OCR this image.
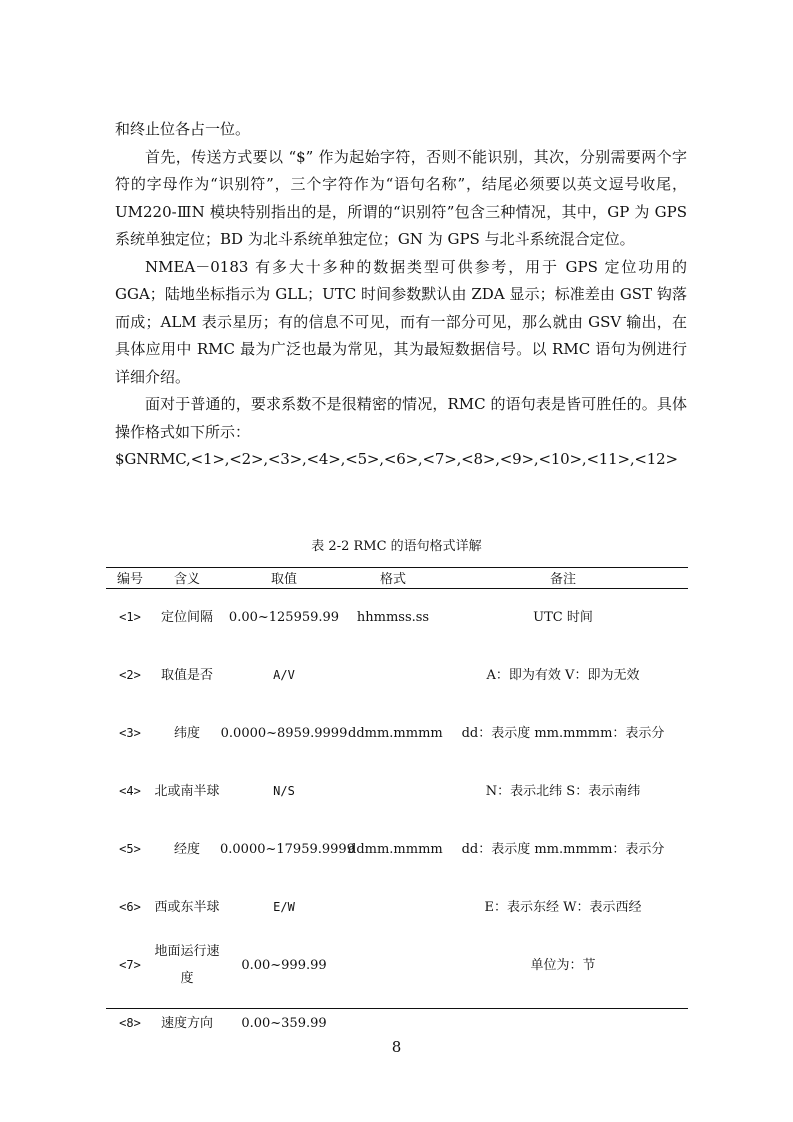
和终止位各占一位。

首先，传送方式要以 “$” 作为起始字符，否则不能识别，其次，分别需要两个字符的字母作为“识别符”，三个字符作为“语句名称”，结尾必须要以英文逗号收尾，UM220-ⅢN 模块特别指出的是，所谓的“识别符”包含三种情况，其中，GP 为 GPS 系统单独定位；BD 为北斗系统单独定位；GN 为 GPS 与北斗系统混合定位。

NMEA－0183 有多大十多种的数据类型可供参考，用于 GPS 定位功用的 GGA；陆地坐标指示为 GLL；UTC 时间参数默认由 ZDA 显示；标准差由 GST 钩落而成；ALM 表示星历；有的信息不可见，而有一部分可见，那么就由 GSV 输出，在具体应用中 RMC 最为广泛也最为常见，其为最短数据信号。以 RMC 语句为例进行详细介绍。

面对于普通的，要求系数不是很精密的情况，RMC 的语句表是皆可胜任的。具体操作格式如下所示：

$GNRMC,<1>,<2>,<3>,<4>,<5>,<6>,<7>,<8>,<9>,<10>,<11>,<12>

表 2-2 RMC 的语句格式详解
编号	含义	取值	格式	备注
<1>	定位间隔	0.00~125959.99	hhmmss.ss	UTC 时间
<2>	取值是否	A/V		A：即为有效 V：即为无效
<3>	纬度	0.0000~8959.9999	ddmm.mmmm	dd：表示度 mm.mmmm：表示分
<4>	北或南半球	N/S		N：表示北纬 S：表示南纬
<5>	经度	0.0000~17959.9999	ddmm.mmmm	dd：表示度 mm.mmmm：表示分
<6>	西或东半球	E/W		E：表示东经 W：表示西经
<7>	地面运行速度	0.00~999.99		单位为：节
<8>	速度方向	0.00~359.99		
8
